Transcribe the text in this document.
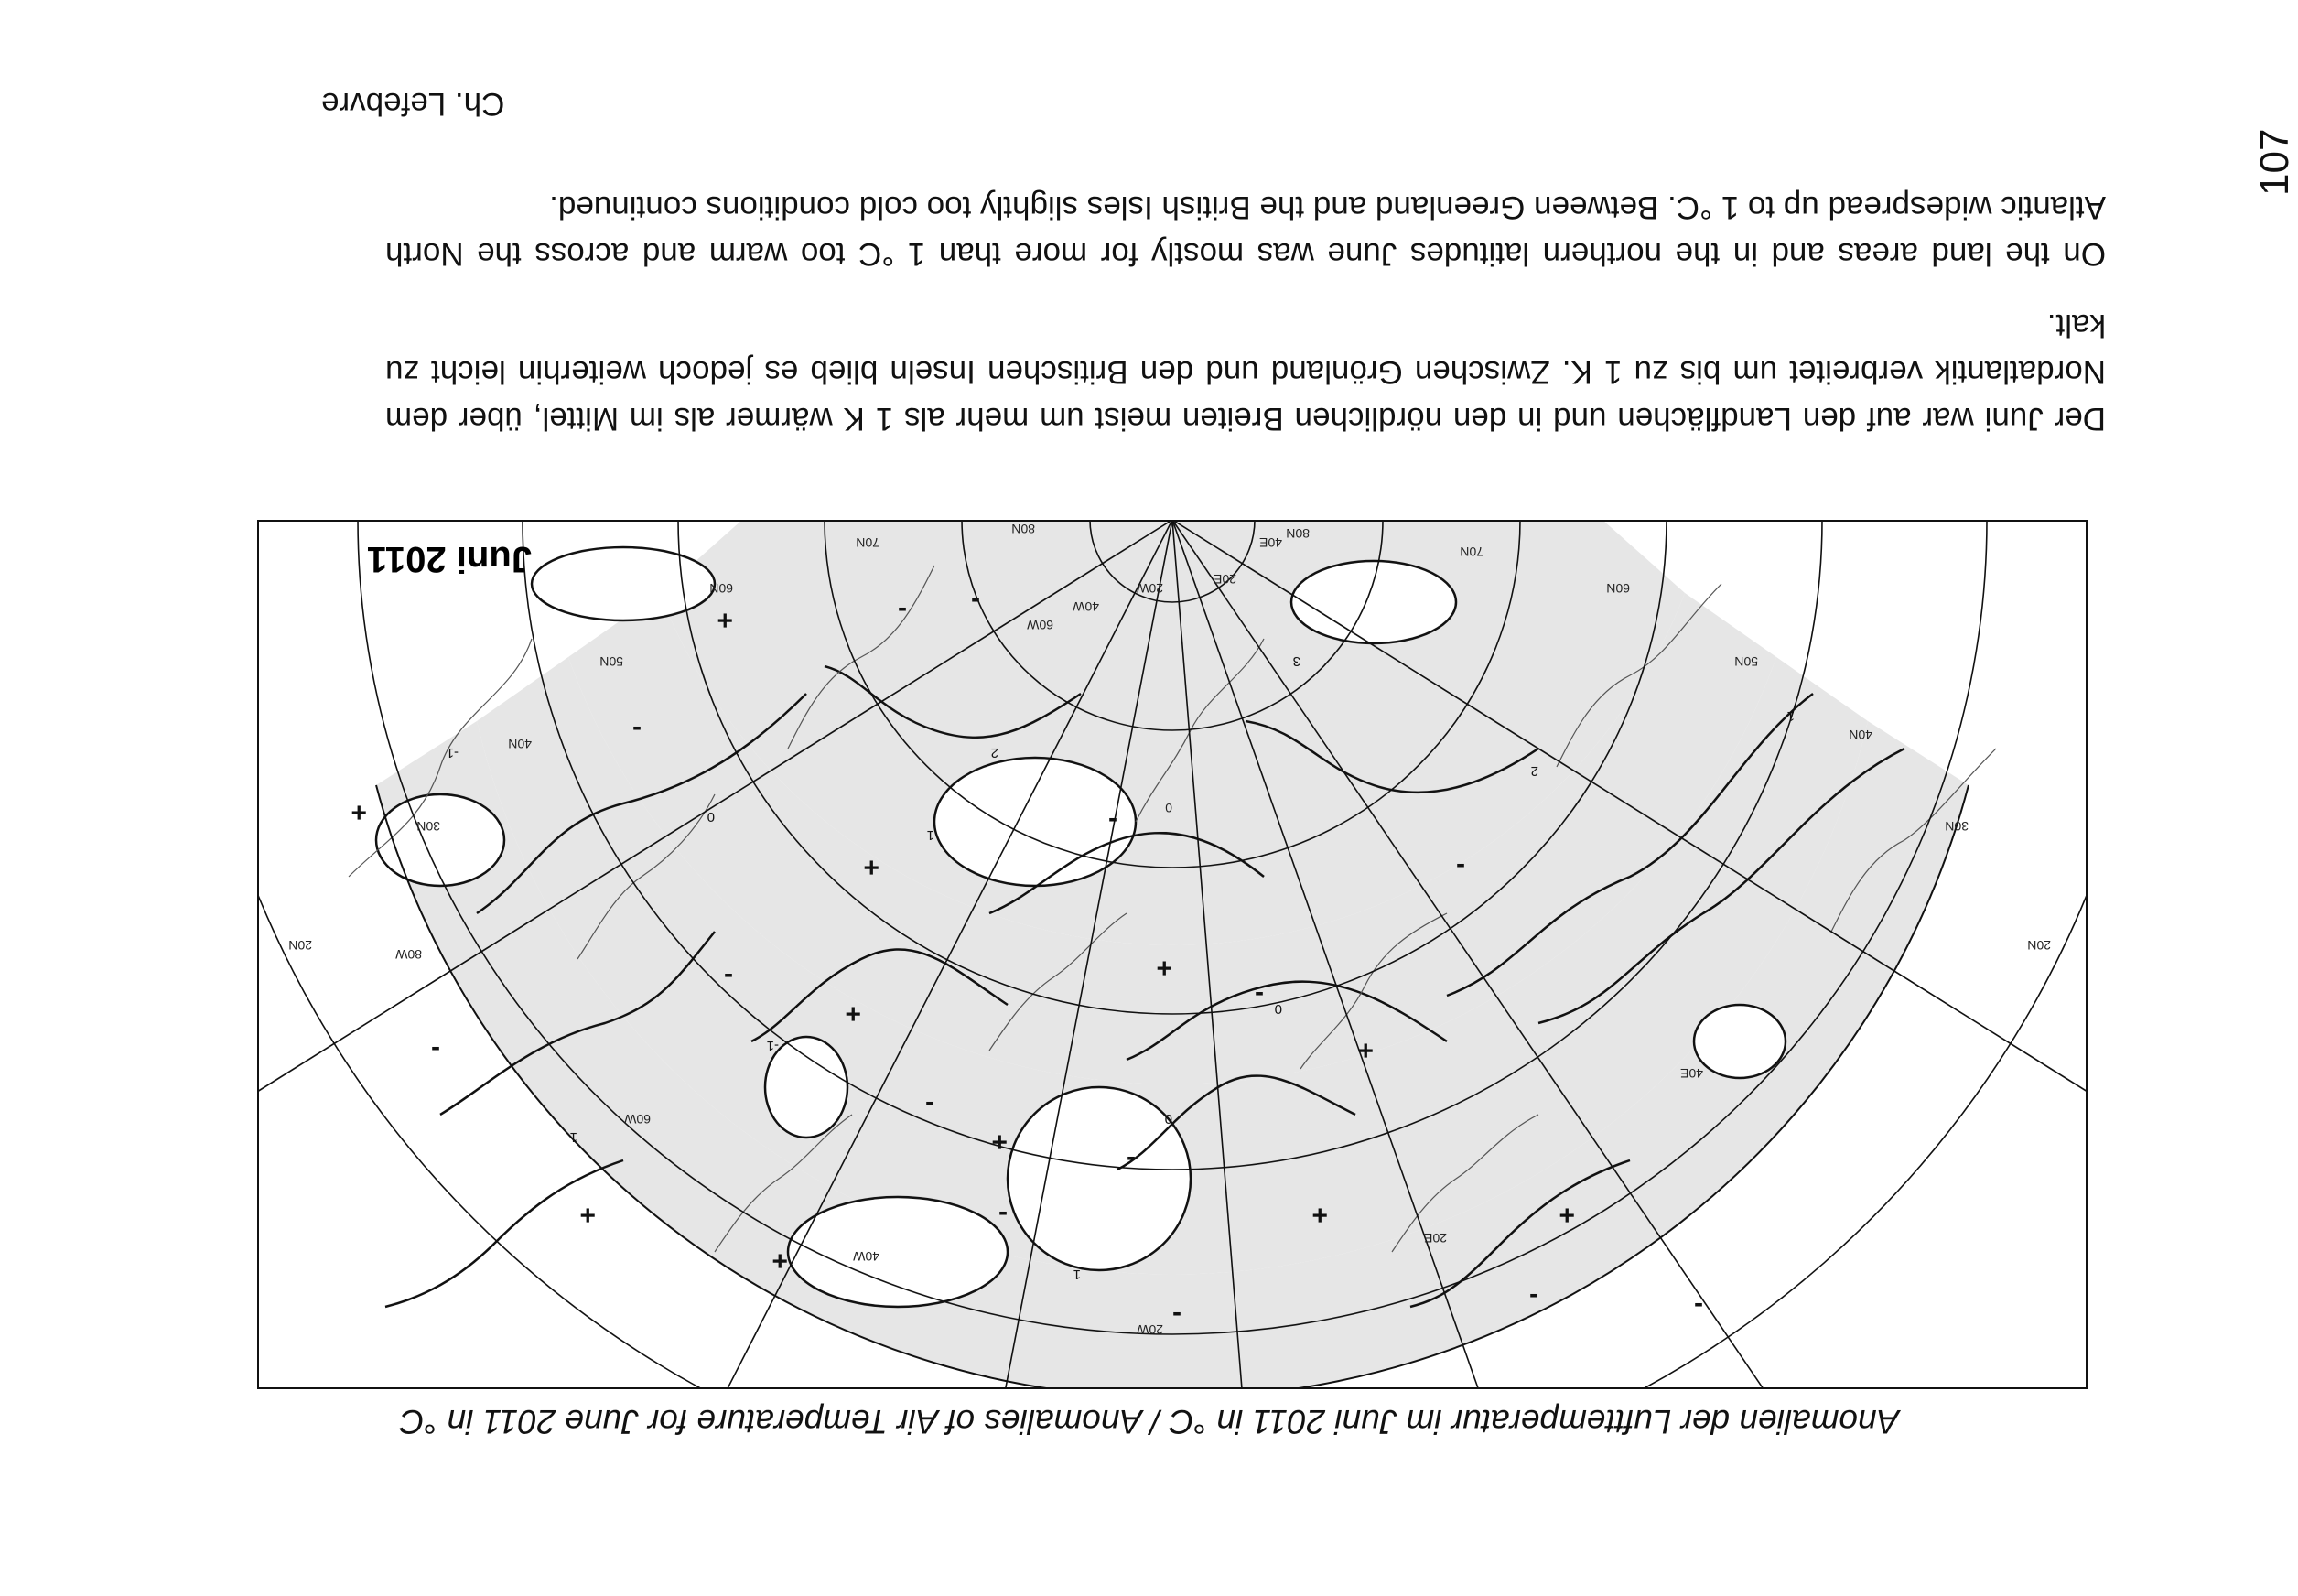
107

Der Juni war auf den Landflächen und in den nördlichen Breiten meist um mehr als 1 K wärmer als im Mittel, über dem Nordatlantik verbreitet um bis zu 1 K. Zwischen Grönland und den Britischen Inseln blieb es jedoch weiterhin leicht zu kalt.

On the land areas and in the northern latitudes June was mostly for more than 1 °C too warm and across the North Atlantic widespread up to 1 °C. Between Greenland and the British Isles slightly too cold conditions continued.

Ch. Lefebvre
Juni 2011
20N
30N
40N
50N
60N
70N
80N
20N
30N
40N
50N
60N
70N
80N
80W
60W
40W
20W
0
20E
40E
60W
40W
20W
20E
40E
0
1
2
0
-1
1
2
1
-1
3
0
1
+
+
+
+
+
+
+
+	+
+
+
-
-
-
-
-
-
-
-
-
-
-
-
-
-
Anomalien der Lufttemperatur im Juni 2011 in °C / Anomalies of Air Temperature for June 2011 in °C
